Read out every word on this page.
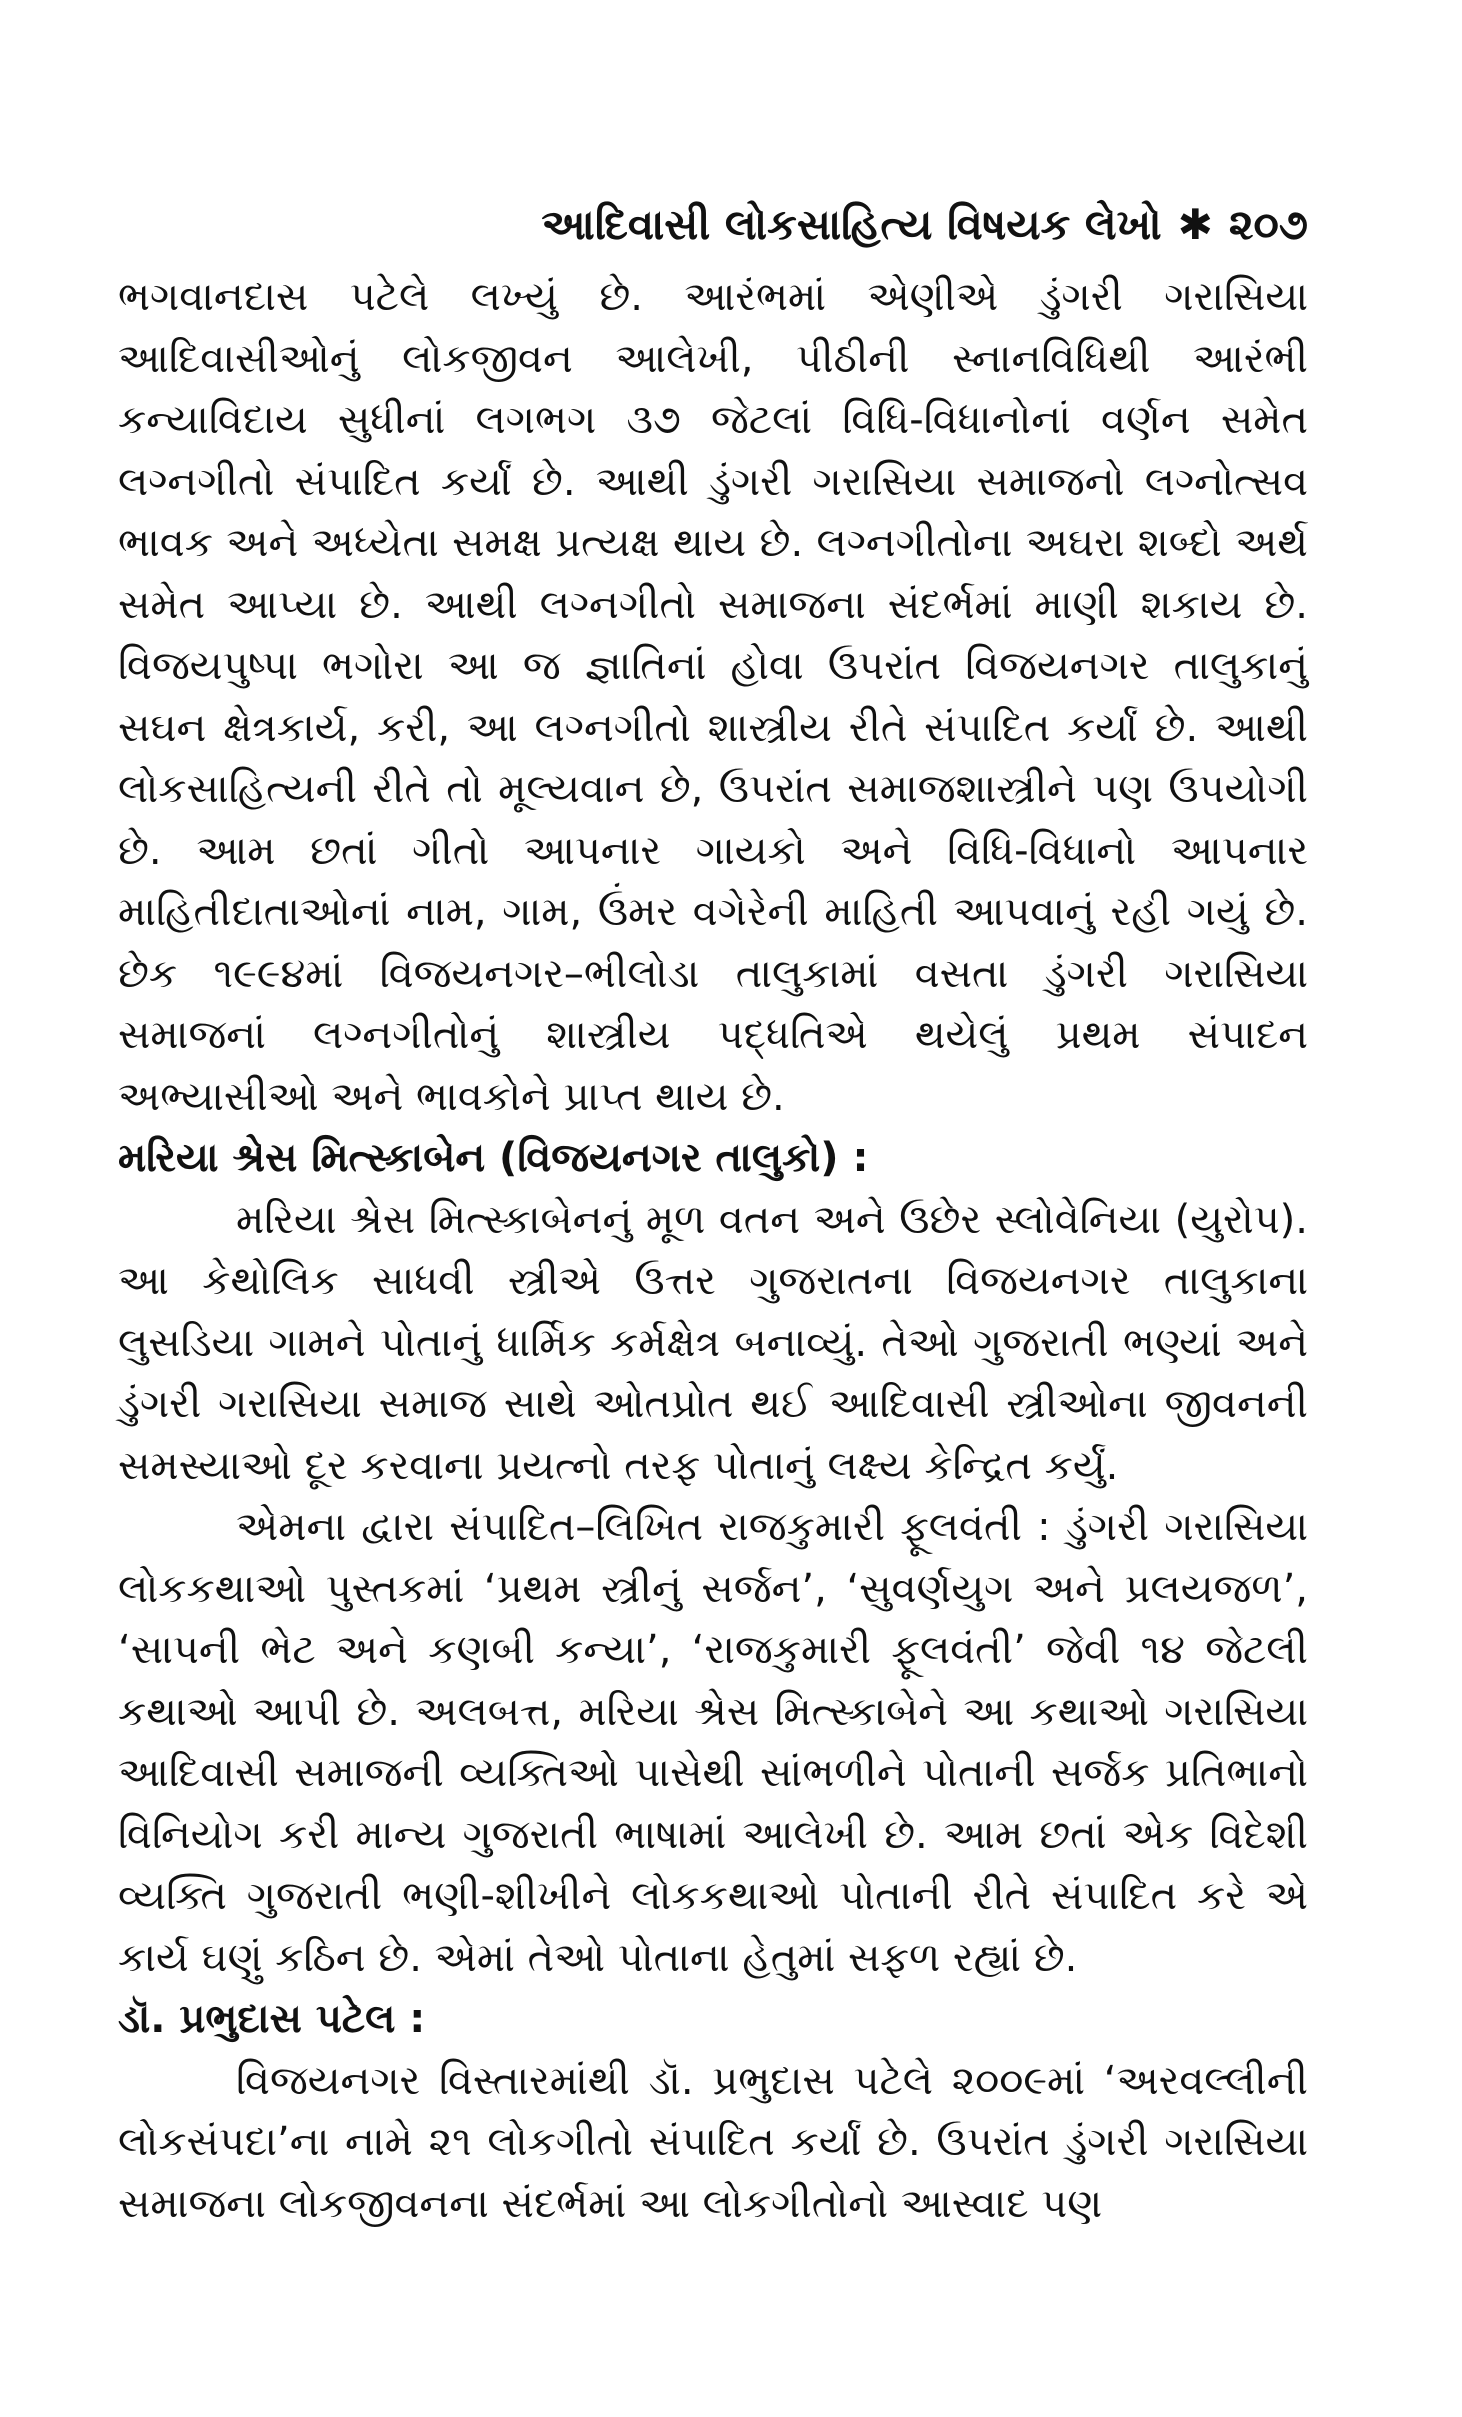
આદિવાસી લોકસાહિત્ય વિષયક લેખો ✱ ૨૦૭

ભગવાનદાસ પટેલે લખ્યું છે. આરંભમાં એણીએ ડુંગરી ગરાસિયા આદિવાસીઓનું લોકજીવન આલેખી, પીઠીની સ્નાનવિધિથી આરંભી કન્યાવિદાય સુધીનાં લગભગ ૩૭ જેટલાં વિધિ-વિધાનોનાં વર્ણન સમેત લગ્નગીતો સંપાદિત કર્યાં છે. આથી ડુંગરી ગરાસિયા સમાજનો લગ્નોત્સવ ભાવક અને અધ્યેતા સમક્ષ પ્રત્યક્ષ થાય છે. લગ્નગીતોના અઘરા શબ્દો અર્થ સમેત આપ્યા છે. આથી લગ્નગીતો સમાજના સંદર્ભમાં માણી શકાય છે. વિજયપુષ્પા ભગોરા આ જ જ્ઞાતિનાં હોવા ઉપરાંત વિજયનગર તાલુકાનું સઘન ક્ષેત્રકાર્ય, કરી, આ લગ્નગીતો શાસ્ત્રીય રીતે સંપાદિત કર્યાં છે. આથી લોકસાહિત્યની રીતે તો મૂલ્યવાન છે, ઉપરાંત સમાજશાસ્ત્રીને પણ ઉપયોગી છે. આમ છતાં ગીતો આપનાર ગાયકો અને વિધિ-વિધાનો આપનાર માહિતીદાતાઓનાં નામ, ગામ, ઉંમર વગેરેની માહિતી આપવાનું રહી ગયું છે. છેક ૧૯૯૪માં વિજયનગર–ભીલોડા તાલુકામાં વસતા ડુંગરી ગરાસિયા સમાજનાં લગ્નગીતોનું શાસ્ત્રીય પદ્ધતિએ થયેલું પ્રથમ સંપાદન અભ્યાસીઓ અને ભાવકોને પ્રાપ્ત થાય છે.

મરિયા શ્રેસ મિત્સ્કાબેન (વિજયનગર તાલુકો) :

મરિયા શ્રેસ મિત્સ્કાબેનનું મૂળ વતન અને ઉછેર સ્લોવેનિયા (યુરોપ). આ કેથોલિક સાધવી સ્ત્રીએ ઉત્તર ગુજરાતના વિજયનગર તાલુકાના લુસડિયા ગામને પોતાનું ધાર્મિક કર્મક્ષેત્ર બનાવ્યું. તેઓ ગુજરાતી ભણ્યાં અને ડુંગરી ગરાસિયા સમાજ સાથે ઓતપ્રોત થઈ આદિવાસી સ્ત્રીઓના જીવનની સમસ્યાઓ દૂર કરવાના પ્રયત્નો તરફ પોતાનું લક્ષ્ય કેન્દ્રિત કર્યું.

એમના દ્વારા સંપાદિત–લિખિત રાજકુમારી ફૂલવંતી : ડુંગરી ગરાસિયા લોકકથાઓ પુસ્તકમાં ‘પ્રથમ સ્ત્રીનું સર્જન’, ‘સુવર્ણયુગ અને પ્રલયજળ’, ‘સાપની ભેટ અને કણબી કન્યા’, ‘રાજકુમારી ફૂલવંતી’ જેવી ૧૪ જેટલી કથાઓ આપી છે. અલબત્ત, મરિયા શ્રેસ મિત્સ્કાબેને આ કથાઓ ગરાસિયા આદિવાસી સમાજની વ્યક્તિઓ પાસેથી સાંભળીને પોતાની સર્જક પ્રતિભાનો વિનિયોગ કરી માન્ય ગુજરાતી ભાષામાં આલેખી છે. આમ છતાં એક વિદેશી વ્યક્તિ ગુજરાતી ભણી-શીખીને લોકકથાઓ પોતાની રીતે સંપાદિત કરે એ કાર્ય ઘણું કઠિન છે. એમાં તેઓ પોતાના હેતુમાં સફળ રહ્યાં છે.

ડૉ. પ્રભુદાસ પટેલ :

વિજયનગર વિસ્તારમાંથી ડૉ. પ્રભુદાસ પટેલે ૨૦૦૯માં ‘અરવલ્લીની લોકસંપદા’ના નામે ૨૧ લોકગીતો સંપાદિત કર્યાં છે. ઉપરાંત ડુંગરી ગરાસિયા સમાજના લોકજીવનના સંદર્ભમાં આ લોકગીતોનો આસ્વાદ પણ
